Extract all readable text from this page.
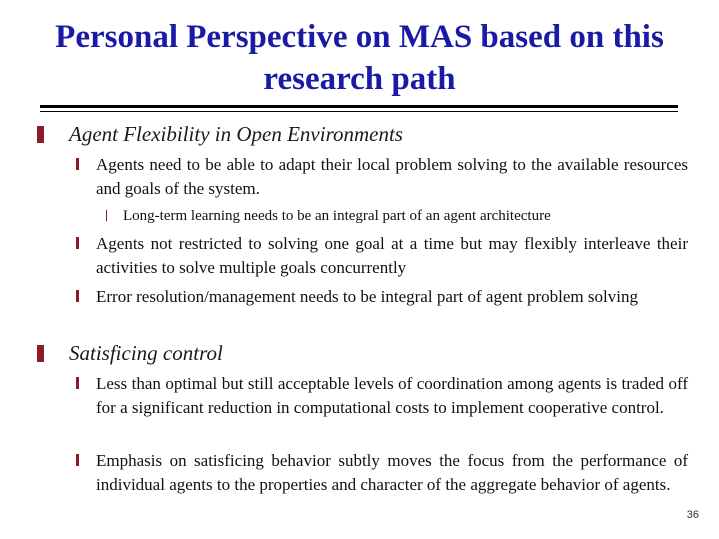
Personal Perspective on MAS based on this research path
Agent Flexibility in Open Environments
Agents need to be able to adapt their local problem solving to the available resources and goals of the system.
Long-term learning needs to be an integral part of an agent architecture
Agents not restricted to solving one goal at a time but may flexibly interleave their activities to solve multiple goals concurrently
Error resolution/management needs to be integral part of agent problem solving
Satisficing control
Less than optimal but still acceptable levels of coordination among agents is traded off for a significant reduction in computational costs to implement cooperative control.
Emphasis on satisficing behavior subtly moves the focus from the performance of individual agents to the properties and character of the aggregate behavior of agents.
36
